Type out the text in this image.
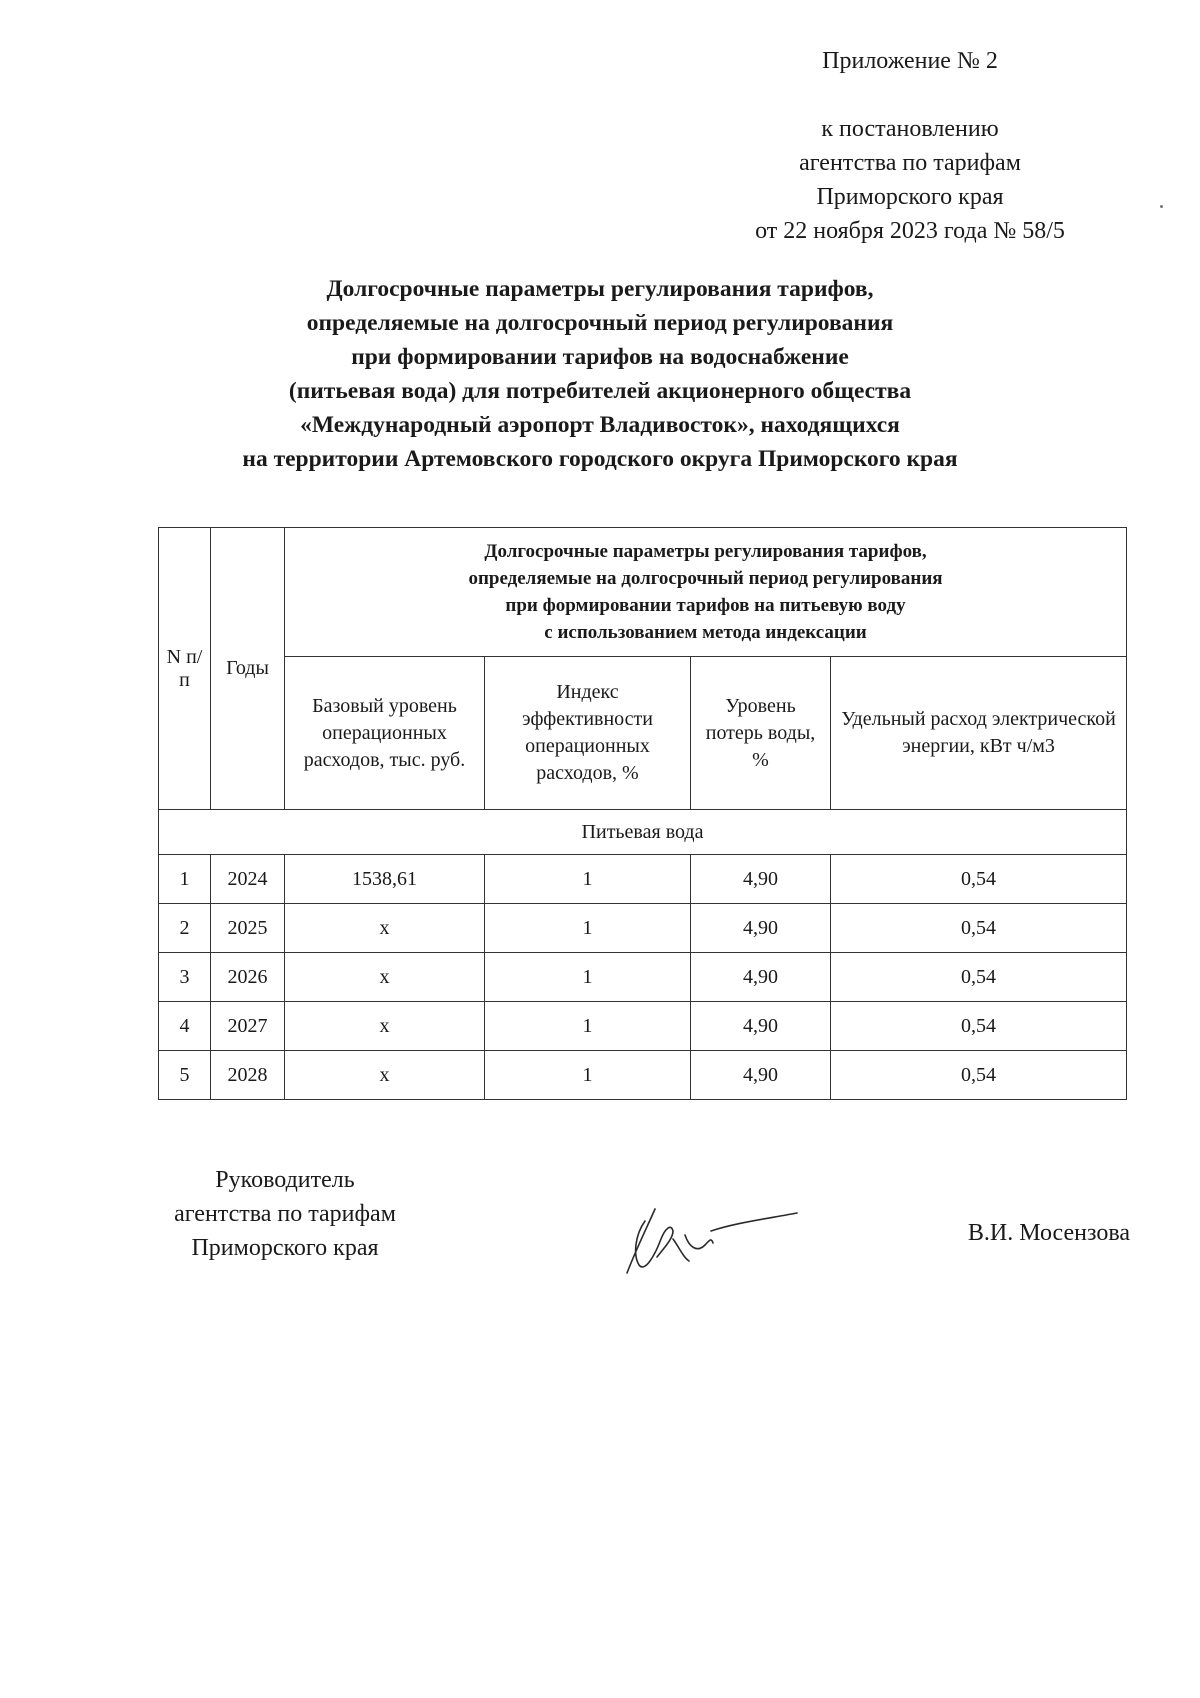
Приложение № 2
к постановлению
агентства по тарифам
Приморского края
от 22 ноября 2023 года № 58/5
Долгосрочные параметры регулирования тарифов,
определяемые на долгосрочный период регулирования
при формировании тарифов на водоснабжение
(питьевая вода) для потребителей акционерного общества
«Международный аэропорт Владивосток», находящихся
на территории Артемовского городского округа Приморского края
N п/п	Годы	Долгосрочные параметры регулирования тарифов,
определяемые на долгосрочный период регулирования
при формировании тарифов на питьевую воду
с использованием метода индексации			

		Базовый уровень операционных расходов, тыс. руб.	Индекс эффективности операционных расходов, %	Уровень потерь воды, %	Удельный расход электрической энергии, кВт ч/м3
Питьевая вода					
1	2024	1538,61	1	4,90	0,54
2	2025	х	1	4,90	0,54
3	2026	х	1	4,90	0,54
4	2027	х	1	4,90	0,54
5	2028	х	1	4,90	0,54
Руководитель
агентства по тарифам
Приморского края
В.И. Мосензова
